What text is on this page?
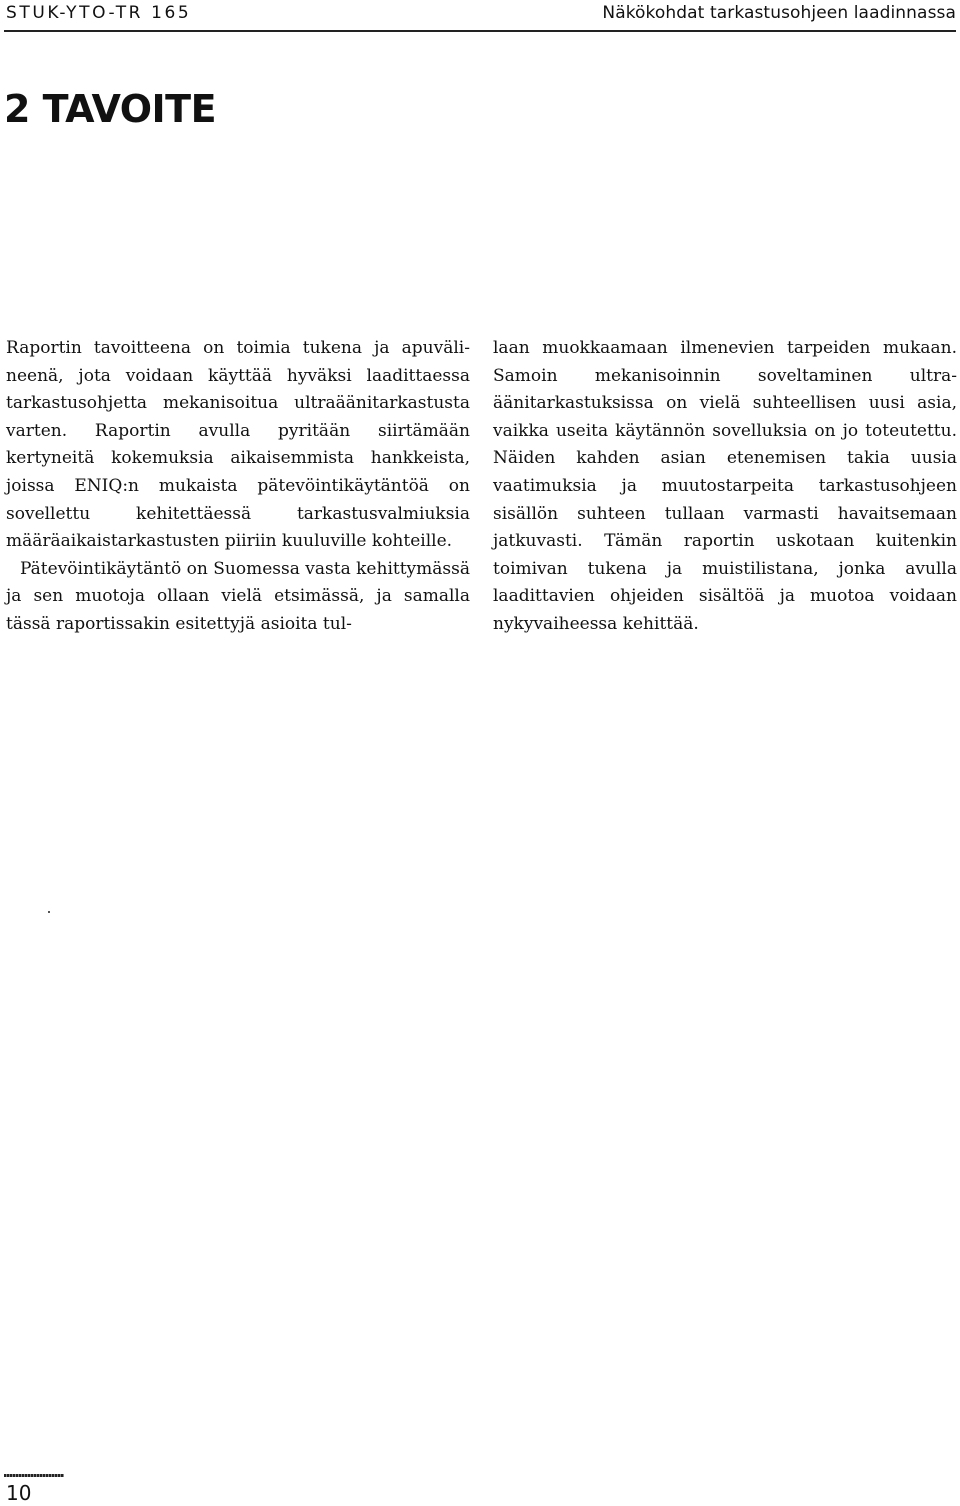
STUK-YTO-TR 165	Näkökohdat tarkastusohjeen laadinnassa
2 TAVOITE

Raportin tavoitteena on toimia tukena ja apuvälineenä, jota voidaan käyttää hyväksi laadittaessa tarkastusohjetta mekanisoitua ultraäänitarkastusta varten. Raportin avulla pyritään siirtämään kertyneitä kokemuksia aikaisemmista hankkeista, joissa ENIQ:n mukaista pätevöintikäytäntöä on sovellettu kehitettäessä tarkastusvalmiuksia määräaikaistarkastusten piiriin kuuluville kohteille.

Pätevöintikäytäntö on Suomessa vasta kehittymässä ja sen muotoja ollaan vielä etsimässä, ja samalla tässä raportissakin esitettyjä asioita tul-

laan muokkaamaan ilmenevien tarpeiden mukaan. Samoin mekanisoinnin soveltaminen ultraäänitarkastuksissa on vielä suhteellisen uusi asia, vaikka useita käytännön sovelluksia on jo toteutettu. Näiden kahden asian etenemisen takia uusia vaatimuksia ja muutostarpeita tarkastusohjeen sisällön suhteen tullaan varmasti havaitsemaan jatkuvasti. Tämän raportin uskotaan kuitenkin toimivan tukena ja muistilistana, jonka avulla laadittavien ohjeiden sisältöä ja muotoa voidaan nykyvaiheessa kehittää.

10
